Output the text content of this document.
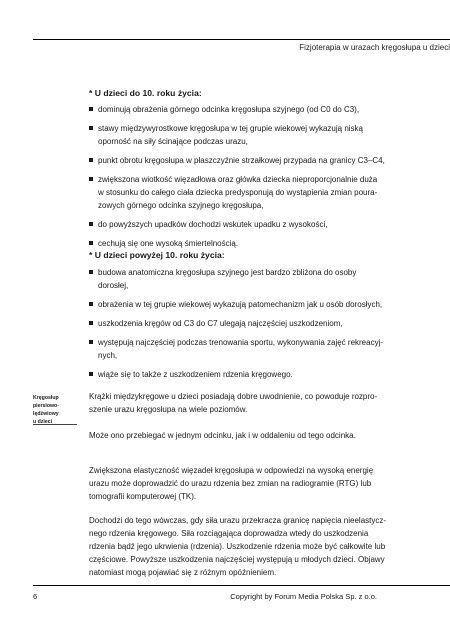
Fizjoterapia w urazach kręgosłupa u dzieci
* U dzieci do 10. roku życia:
dominują obrażenia górnego odcinka kręgosłupa szyjnego (od C0 do C3),
stawy międzywyrostkowe kręgosłupa w tej grupie wiekowej wykazują niską
oporność na siły ścinające podczas urazu,
punkt obrotu kręgosłupa w płaszczyźnie strzałkowej przypada na granicy C3–C4,
zwiększona wiotkość więzadłowa oraz główka dziecka nieproporcjonalnie duża
w stosunku do całego ciała dziecka predysponują do wystąpienia zmian poura-
zowych górnego odcinka szyjnego kręgosłupa,
do powyższych upadków dochodzi wskutek upadku z wysokości,
cechują się one wysoką śmiertelnością.
* U dzieci powyżej 10. roku życia:
budowa anatomiczna kręgosłupa szyjnego jest bardzo zbliżona do osoby
dorosłej,
obrażenia w tej grupie wiekowej wykazują patomechanizm jak u osób dorosłych,
uszkodzenia kręgów od C3 do C7 ulegają najczęściej uszkodzeniom,
występują najczęściej podczas trenowania sportu, wykonywania zajęć rekreacyj-
nych,
wiąże się to także z uszkodzeniem rdzenia kręgowego.
Krążki międzykręgowe u dzieci posiadają dobre uwodnienie, co powoduje rozpro-
szenie urazu kręgosłupa na wiele poziomów.
Może ono przebiegać w jednym odcinku, jak i w oddaleniu od tego odcinka.
Zwiększona elastyczność więzadeł kręgosłupa w odpowiedzi na wysoką energię
urazu może doprowadzić do urazu rdzenia bez zmian na radiogramie (RTG) lub
tomografii komputerowej (TK).
Dochodzi do tego wówczas, gdy siła urazu przekracza granicę napięcia nieelastycz-
nego rdzenia kręgowego. Siła rozciągająca doprowadza wtedy do uszkodzenia
rdzenia bądź jego ukrwienia (rdzenia). Uszkodzenie rdzenia może być całkowite lub
częściowe. Powyższe uszkodzenia najczęściej występują u młodych dzieci. Objawy
natomiast mogą pojawiać się z różnym opóźnieniem.
Kręgosłup
piersiowo-lędźwiowy
u dzieci
6	Copyright by Forum Media Polska Sp. z o.o.
